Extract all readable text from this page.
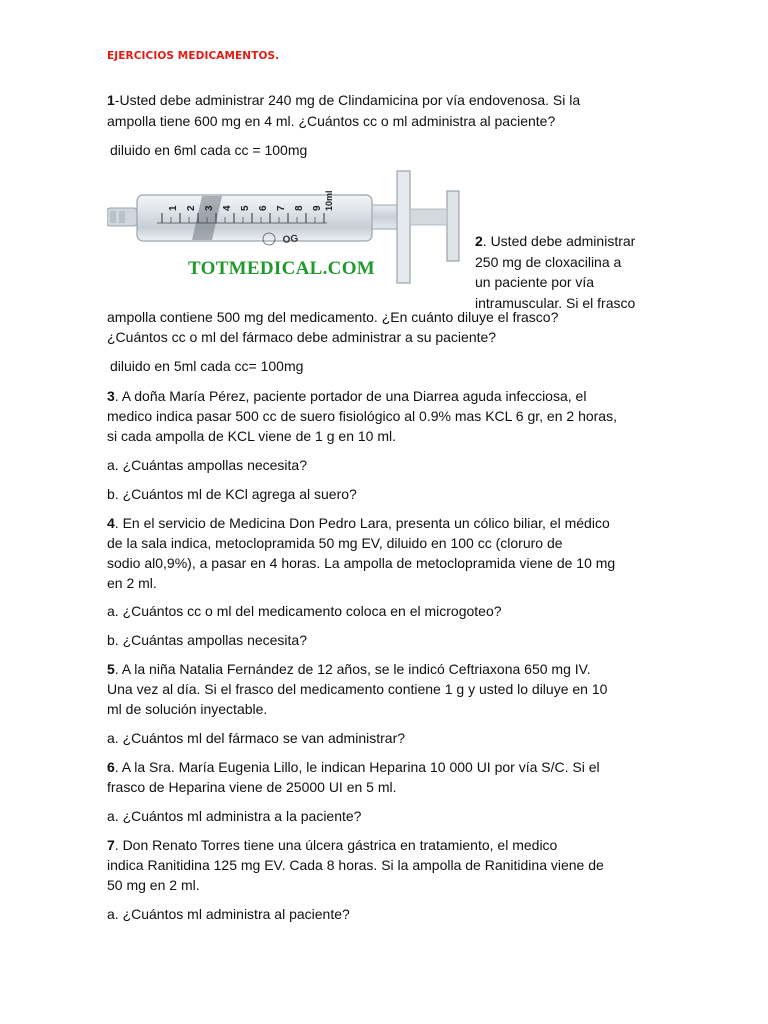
EJERCICIOS MEDICAMENTOS.
1-Usted debe administrar 240 mg de Clindamicina por vía endovenosa. Si la
ampolla tiene 600 mg en 4 ml. ¿Cuántos cc o ml administra al paciente?
diluido en 6ml cada cc = 100mg
1 2 3 4 5 6 7 8 9 10ml
OG
TOTMEDICAL.COM
2. Usted debe administrar
250 mg de cloxacilina a
un paciente por vía
intramuscular. Si el frasco
ampolla contiene 500 mg del medicamento. ¿En cuánto diluye el frasco?
¿Cuántos cc o ml del fármaco debe administrar a su paciente?
diluido en 5ml cada cc= 100mg
3. A doña María Pérez, paciente portador de una Diarrea aguda infecciosa, el
medico indica pasar 500 cc de suero fisiológico al 0.9% mas KCL 6 gr, en 2 horas,
si cada ampolla de KCL viene de 1 g en 10 ml.
a. ¿Cuántas ampollas necesita?
b. ¿Cuántos ml de KCl agrega al suero?
4. En el servicio de Medicina Don Pedro Lara, presenta un cólico biliar, el médico
de la sala indica, metoclopramida 50 mg EV, diluido en 100 cc (cloruro de
sodio al0,9%), a pasar en 4 horas. La ampolla de metoclopramida viene de 10 mg
en 2 ml.
a. ¿Cuántos cc o ml del medicamento coloca en el microgoteo?
b. ¿Cuántas ampollas necesita?
5. A la niña Natalia Fernández de 12 años, se le indicó Ceftriaxona 650 mg IV.
Una vez al día. Si el frasco del medicamento contiene 1 g y usted lo diluye en 10
ml de solución inyectable.
a. ¿Cuántos ml del fármaco se van administrar?
6. A la Sra. María Eugenia Lillo, le indican Heparina 10 000 UI por vía S/C. Si el
frasco de Heparina viene de 25000 UI en 5 ml.
a. ¿Cuántos ml administra a la paciente?
7. Don Renato Torres tiene una úlcera gástrica en tratamiento, el medico
indica Ranitidina 125 mg EV. Cada 8 horas. Si la ampolla de Ranitidina viene de
50 mg en 2 ml.
a. ¿Cuántos ml administra al paciente?
